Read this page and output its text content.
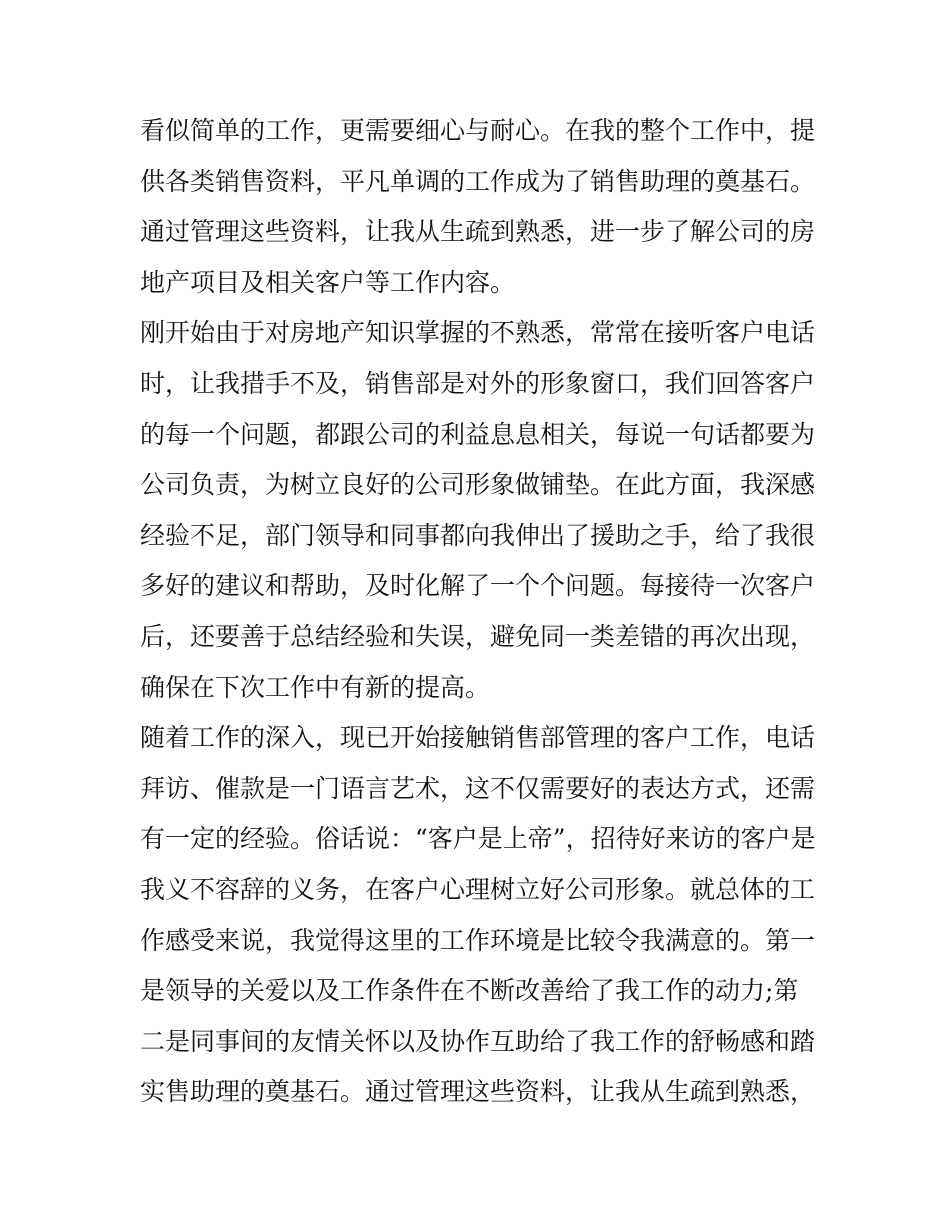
看似简单的工作，更需要细心与耐心。在我的整个工作中，提
供各类销售资料，平凡单调的工作成为了销售助理的奠基石。
通过管理这些资料，让我从生疏到熟悉，进一步了解公司的房
地产项目及相关客户等工作内容。
刚开始由于对房地产知识掌握的不熟悉，常常在接听客户电话
时，让我措手不及，销售部是对外的形象窗口，我们回答客户
的每一个问题，都跟公司的利益息息相关，每说一句话都要为
公司负责，为树立良好的公司形象做铺垫。在此方面，我深感
经验不足，部门领导和同事都向我伸出了援助之手，给了我很
多好的建议和帮助，及时化解了一个个问题。每接待一次客户
后，还要善于总结经验和失误，避免同一类差错的再次出现，
确保在下次工作中有新的提高。
随着工作的深入，现已开始接触销售部管理的客户工作，电话
拜访、催款是一门语言艺术，这不仅需要好的表达方式，还需
有一定的经验。俗话说：“客户是上帝”，招待好来访的客户是
我义不容辞的义务，在客户心理树立好公司形象。就总体的工
作感受来说，我觉得这里的工作环境是比较令我满意的。第一
是领导的关爱以及工作条件在不断改善给了我工作的动力;第
二是同事间的友情关怀以及协作互助给了我工作的舒畅感和踏
实售助理的奠基石。通过管理这些资料，让我从生疏到熟悉，
